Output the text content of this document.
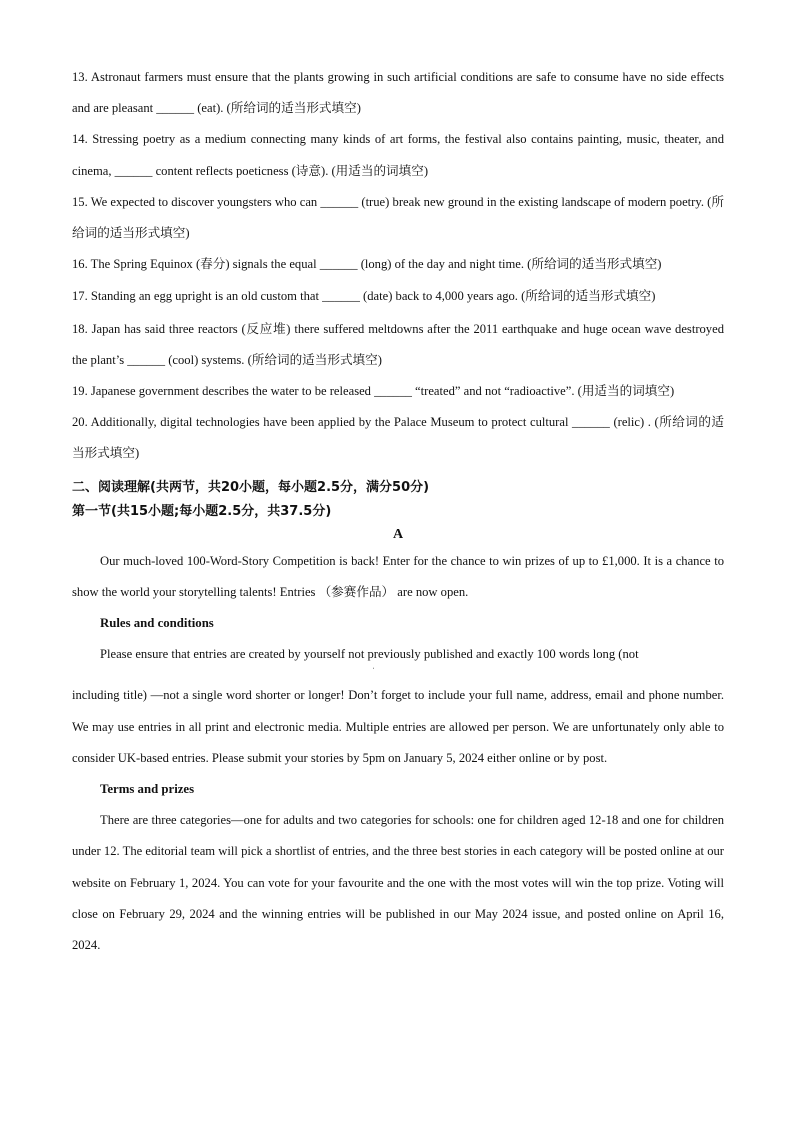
13. Astronaut farmers must ensure that the plants growing in such artificial conditions are safe to consume have no side effects and are pleasant ______ (eat). (所给词的适当形式填空)

14. Stressing poetry as a medium connecting many kinds of art forms, the festival also contains painting, music, theater, and cinema, ______ content reflects poeticness (诗意). (用适当的词填空)

15. We expected to discover youngsters who can ______ (true) break new ground in the existing landscape of modern poetry. (所给词的适当形式填空)

16. The Spring Equinox (春分) signals the equal ______ (long) of the day and night time. (所给词的适当形式填空)

17. Standing an egg upright is an old custom that ______ (date) back to 4,000 years ago. (所给词的适当形式填空)

18. Japan has said three reactors (反应堆) there suffered meltdowns after the 2011 earthquake and huge ocean wave destroyed the plant’s ______ (cool) systems. (所给词的适当形式填空)

19. Japanese government describes the water to be released ______ “treated” and not “radioactive”. (用适当的词填空)

20. Additionally, digital technologies have been applied by the Palace Museum to protect cultural ______ (relic) . (所给词的适当形式填空)

二、阅读理解(共两节，共20小题，每小题2.5分，满分50分)

第一节(共15小题;每小题2.5分，共37.5分)

A

Our much-loved 100-Word-Story Competition is back! Enter for the chance to win prizes of up to £1,000. It is a chance to show the world your storytelling talents! Entries （参赛作品） are now open.

Rules and conditions

Please ensure that entries are created by yourself not previously published and exactly 100 words long (not
ˌ

including title) —not a single word shorter or longer! Don’t forget to include your full name, address, email and phone number. We may use entries in all print and electronic media. Multiple entries are allowed per person. We are unfortunately only able to consider UK-based entries. Please submit your stories by 5pm on January 5, 2024 either online or by post.

Terms and prizes

There are three categories—one for adults and two categories for schools: one for children aged 12-18 and one for children under 12. The editorial team will pick a shortlist of entries, and the three best stories in each category will be posted online at our website on February 1, 2024. You can vote for your favourite and the one with the most votes will win the top prize. Voting will close on February 29, 2024 and the winning entries will be published in our May 2024 issue, and posted online on April 16, 2024.
